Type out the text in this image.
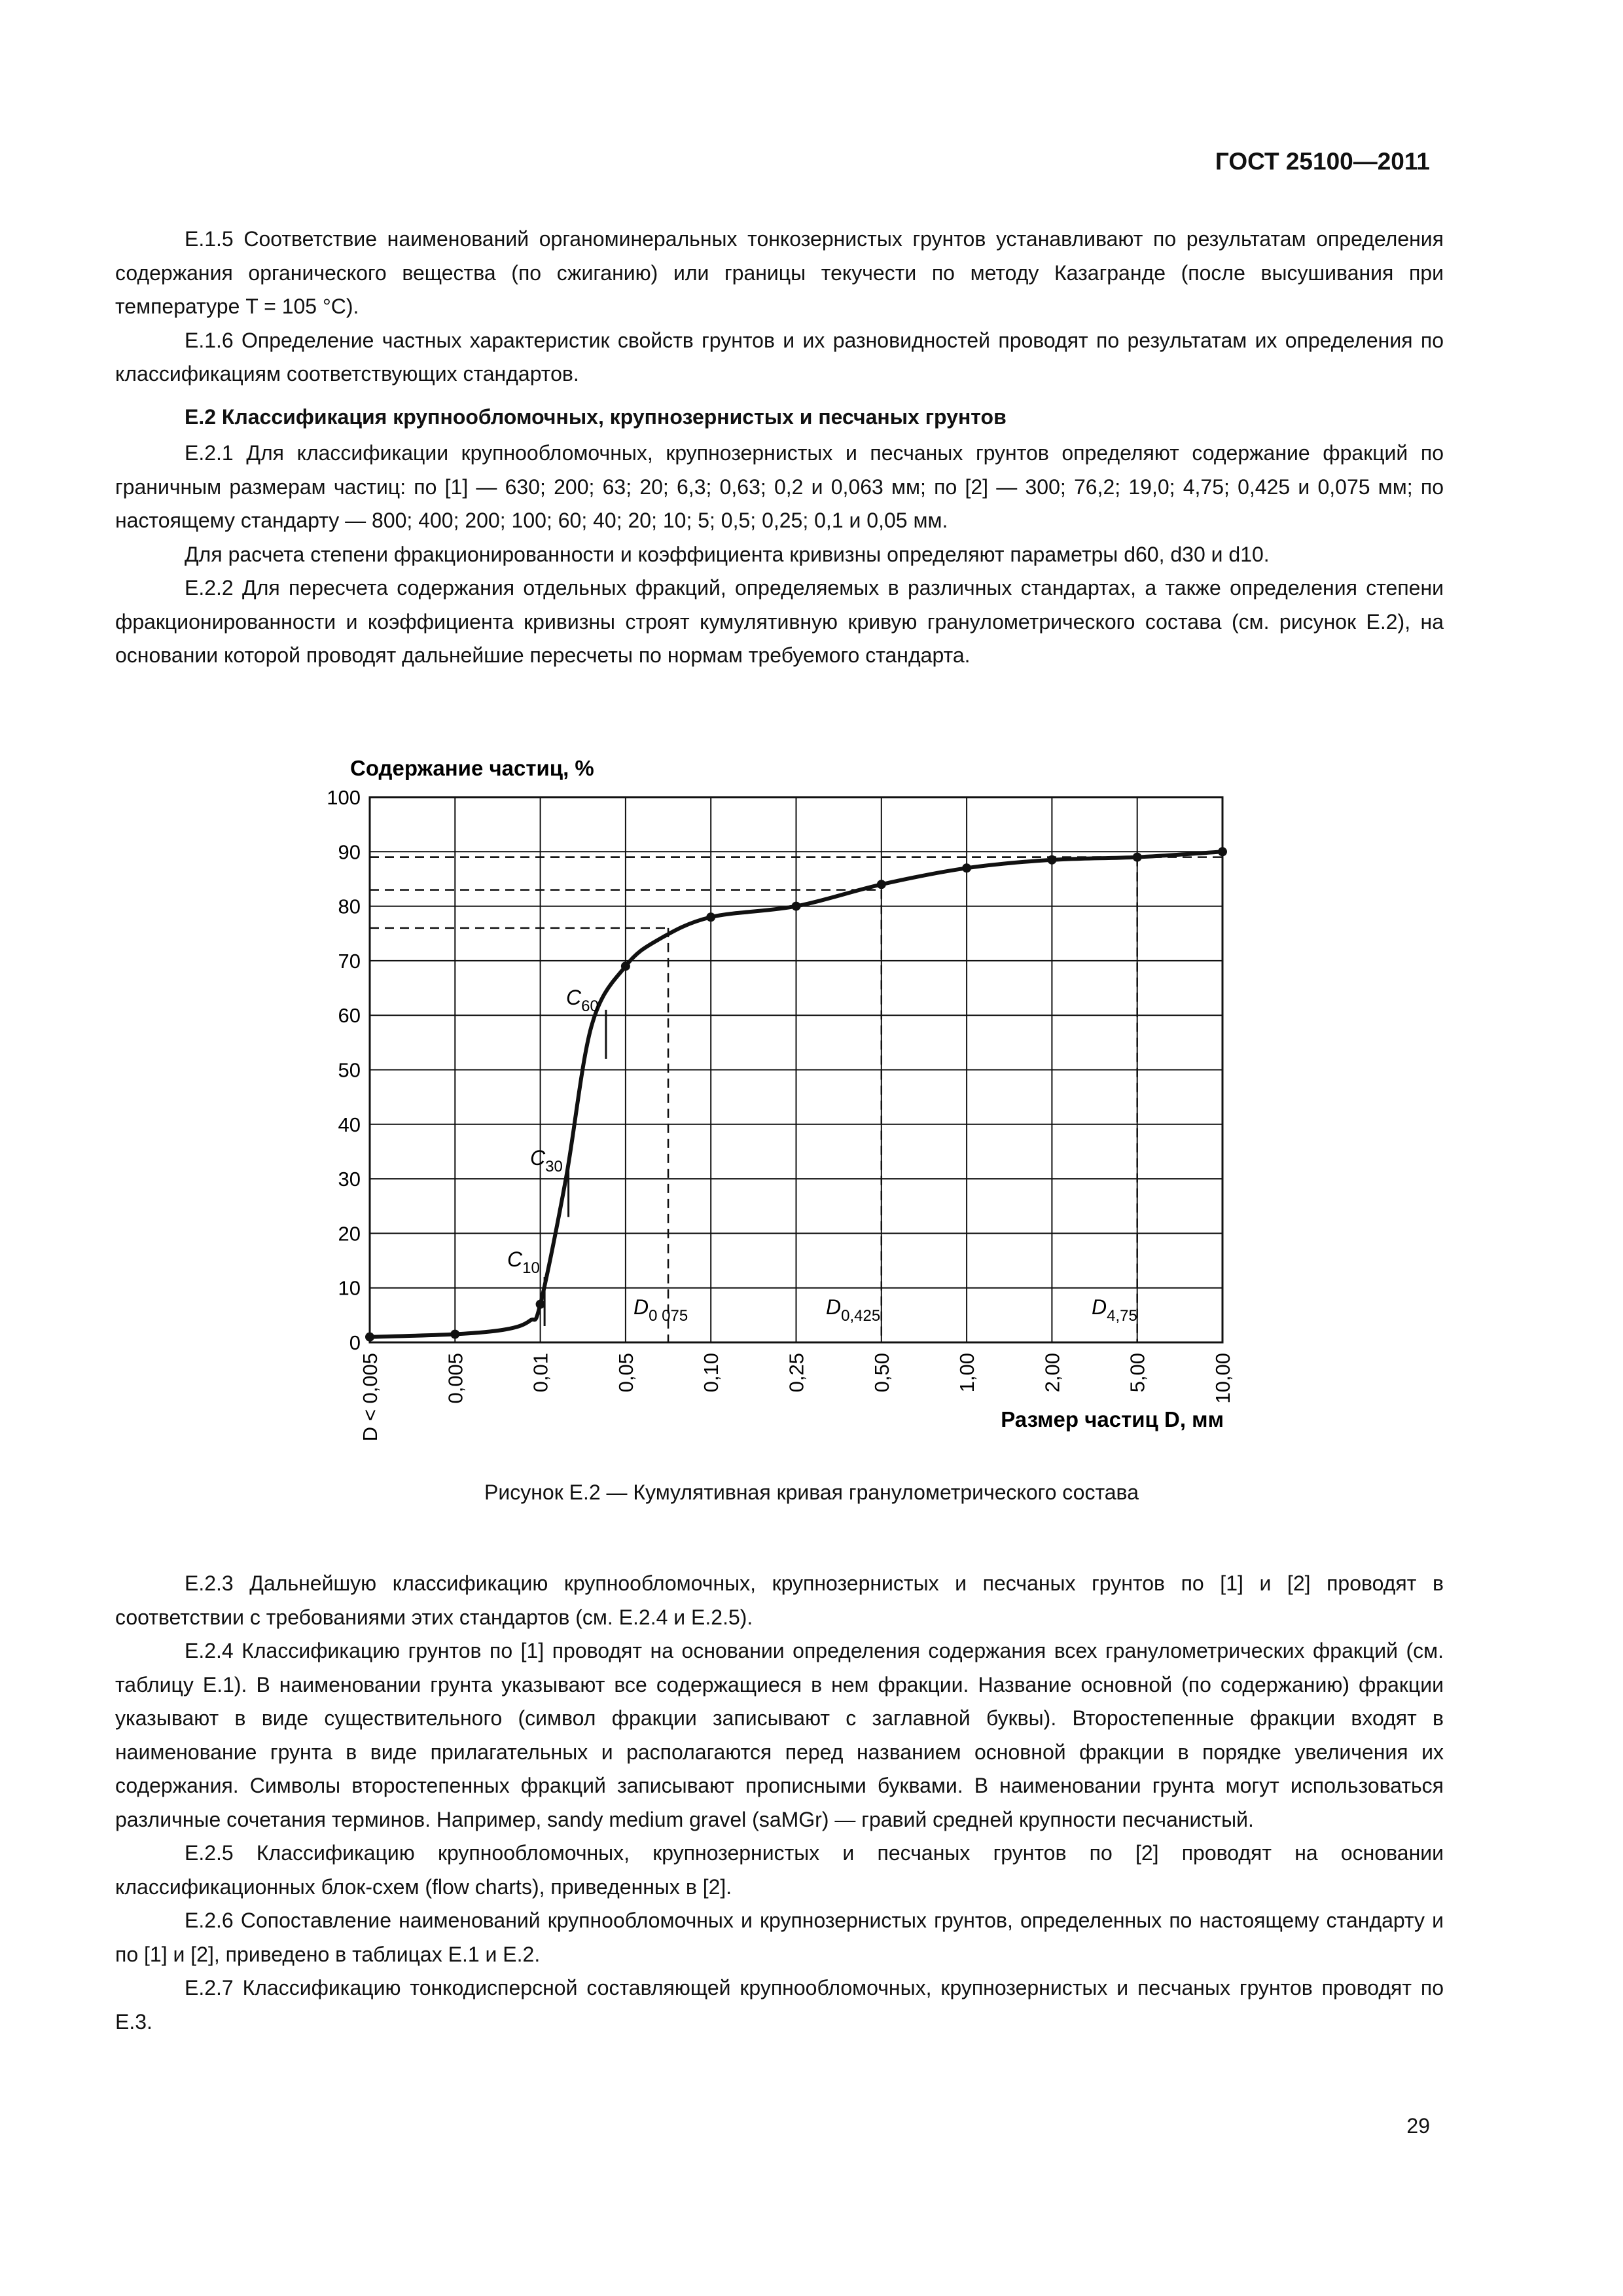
ГОСТ 25100—2011

Е.1.5 Соответствие наименований органоминеральных тонкозернистых грунтов устанавливают по результатам определения содержания органического вещества (по сжиганию) или границы текучести по методу Казагранде (после высушивания при температуре T = 105 °С).

Е.1.6 Определение частных характеристик свойств грунтов и их разновидностей проводят по результатам их определения по классификациям соответствующих стандартов.

Е.2 Классификация крупнообломочных, крупнозернистых и песчаных грунтов

Е.2.1 Для классификации крупнообломочных, крупнозернистых и песчаных грунтов определяют содержание фракций по граничным размерам частиц: по [1] — 630; 200; 63; 20; 6,3; 0,63; 0,2 и 0,063 мм; по [2] — 300; 76,2; 19,0; 4,75; 0,425 и 0,075 мм; по настоящему стандарту — 800; 400; 200; 100; 60; 40; 20; 10; 5; 0,5; 0,25; 0,1 и 0,05 мм.

Для расчета степени фракционированности и коэффициента кривизны определяют параметры d60, d30 и d10.

Е.2.2 Для пересчета содержания отдельных фракций, определяемых в различных стандартах, а также определения степени фракционированности и коэффициента кривизны строят кумулятивную кривую гранулометрического состава (см. рисунок Е.2), на основании которой проводят дальнейшие пересчеты по нормам требуемого стандарта.

0
10
20
30
40
50
60
70
80
90
100
D < 0,005	0,005	0,01	0,05	0,10	0,25	0,50	1,00	2,00	5,00	10,00
Содержание частиц, %
Размер частиц D, мм
$C_{60}$
$C_{30}$
$C_{10}$
$D_{0 075}$	$D_{0,425}$	$D_{4,75}$
Рисунок Е.2 — Кумулятивная кривая гранулометрического состава

Е.2.3 Дальнейшую классификацию крупнообломочных, крупнозернистых и песчаных грунтов по [1] и [2] проводят в соответствии с требованиями этих стандартов (см. Е.2.4 и Е.2.5).

Е.2.4 Классификацию грунтов по [1] проводят на основании определения содержания всех гранулометрических фракций (см. таблицу Е.1). В наименовании грунта указывают все содержащиеся в нем фракции. Название основной (по содержанию) фракции указывают в виде существительного (символ фракции записывают с заглавной буквы). Второстепенные фракции входят в наименование грунта в виде прилагательных и располагаются перед названием основной фракции в порядке увеличения их содержания. Символы второстепенных фракций записывают прописными буквами. В наименовании грунта могут использоваться различные сочетания терминов. Например, sandy medium gravel (saMGr) — гравий средней крупности песчанистый.

Е.2.5 Классификацию крупнообломочных, крупнозернистых и песчаных грунтов по [2] проводят на основании классификационных блок-схем (flow charts), приведенных в [2].

Е.2.6 Сопоставление наименований крупнообломочных и крупнозернистых грунтов, определенных по настоящему стандарту и по [1] и [2], приведено в таблицах Е.1 и Е.2.

Е.2.7 Классификацию тонкодисперсной составляющей крупнообломочных, крупнозернистых и песчаных грунтов проводят по Е.3.

29
